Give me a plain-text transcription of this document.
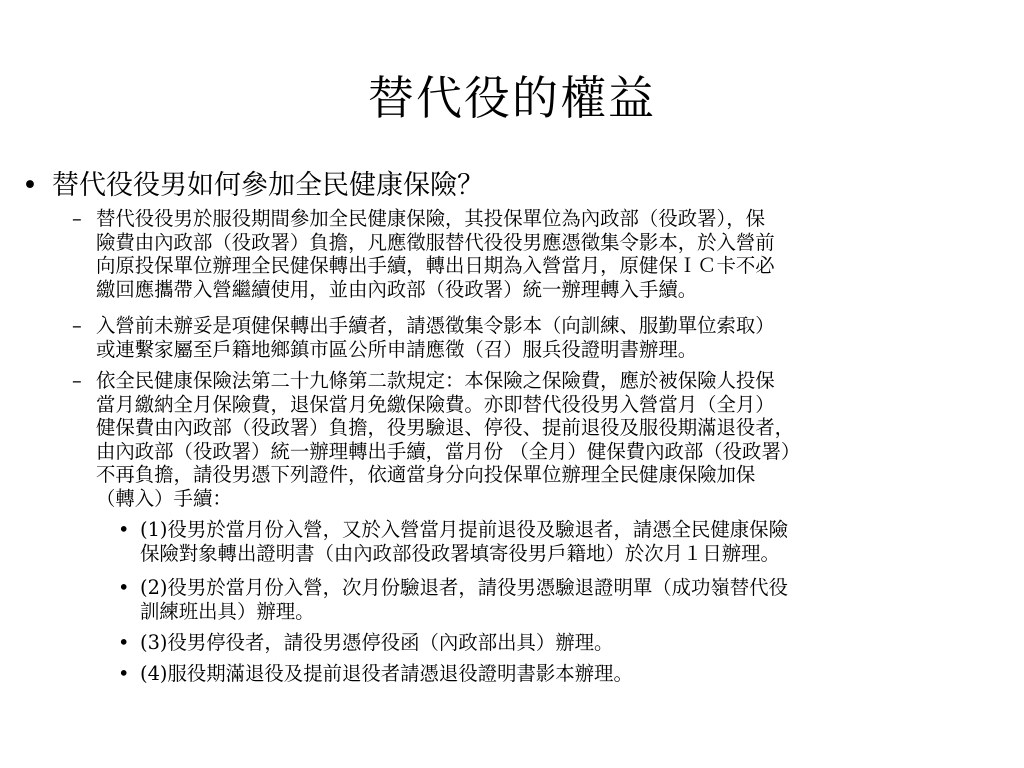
替代役的權益
• 替代役役男如何參加全民健康保險？
– 替代役役男於服役期間參加全民健康保險，其投保單位為內政部（役政署），保
險費由內政部（役政署）負擔，凡應徵服替代役役男應憑徵集令影本，於入營前
向原投保單位辦理全民健保轉出手續，轉出日期為入營當月，原健保ＩＣ卡不必
繳回應攜帶入營繼續使用，並由內政部（役政署）統一辦理轉入手續。
– 入營前未辦妥是項健保轉出手續者，請憑徵集令影本（向訓練、服勤單位索取）
或連繫家屬至戶籍地鄉鎮市區公所申請應徵（召）服兵役證明書辦理。
– 依全民健康保險法第二十九條第二款規定：本保險之保險費，應於被保險人投保
當月繳納全月保險費，退保當月免繳保險費。亦即替代役役男入營當月（全月）
健保費由內政部（役政署）負擔，役男驗退、停役、提前退役及服役期滿退役者，
由內政部（役政署）統一辦理轉出手續，當月份 （全月）健保費內政部（役政署）
不再負擔，請役男憑下列證件，依適當身分向投保單位辦理全民健康保險加保
（轉入）手續：
• (1)役男於當月份入營，又於入營當月提前退役及驗退者，請憑全民健康保險
保險對象轉出證明書（由內政部役政署填寄役男戶籍地）於次月１日辦理。
• (2)役男於當月份入營，次月份驗退者，請役男憑驗退證明單（成功嶺替代役
訓練班出具）辦理。
• (3)役男停役者，請役男憑停役函（內政部出具）辦理。
• (4)服役期滿退役及提前退役者請憑退役證明書影本辦理。
